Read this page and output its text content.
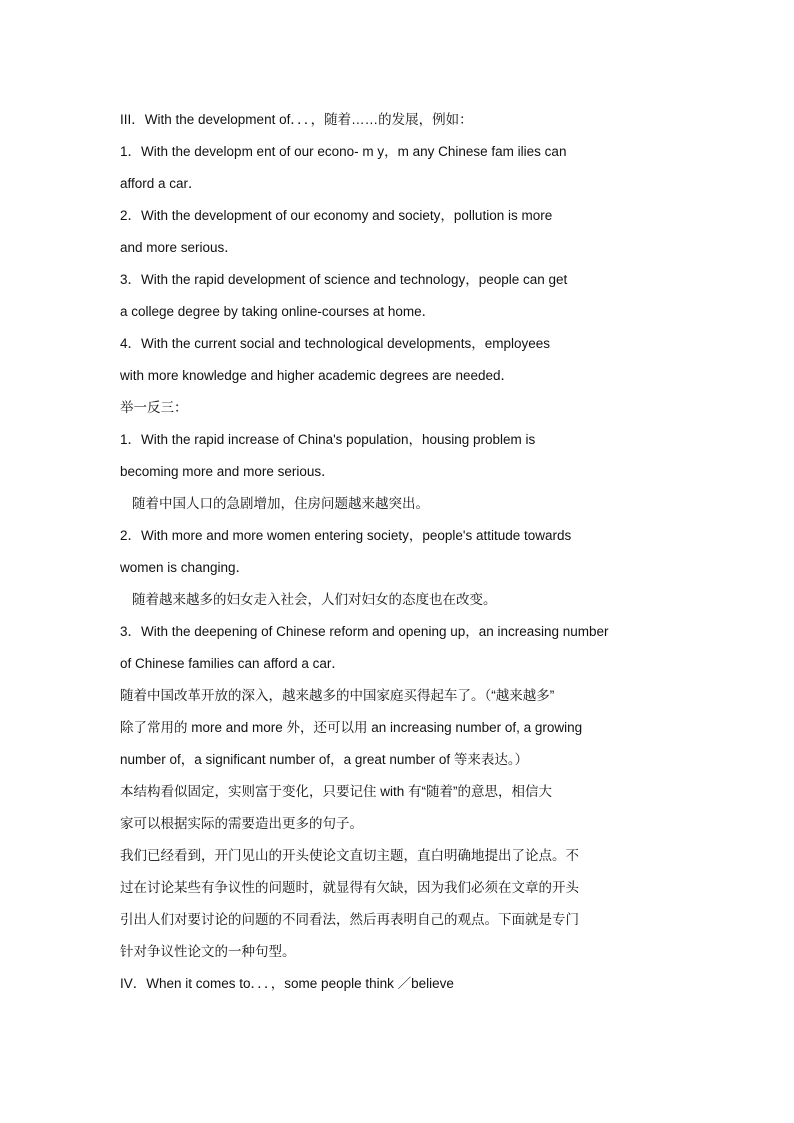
III．With the development of．．．，随着……的发展，例如：
1．With the developm ent of our econo- m y，m any Chinese fam ilies can
afford a car．
2．With the development of our economy and society，pollution is more
and more serious．
3．With the rapid development of science and technology，people can get
a college degree by taking online-courses at home．
4．With the current social and technological developments，employees
with more knowledge and higher academic degrees are needed．
举一反三：
1．With the rapid increase of China's population，housing problem is
becoming more and more serious．
随着中国人口的急剧增加，住房问题越来越突出。
2．With more and more women entering society，people's attitude towards
women is changing．
随着越来越多的妇女走入社会，人们对妇女的态度也在改变。
3．With the deepening of Chinese reform and opening up，an increasing number
of Chinese families can afford a car．
随着中国改革开放的深入，越来越多的中国家庭买得起车了。（“越来越多”
除了常用的 more and more 外，还可以用 an increasing number of, a growing
number of，a significant number of，a great number of 等来表达。）
本结构看似固定，实则富于变化，只要记住 with 有“随着”的意思，相信大
家可以根据实际的需要造出更多的句子。
我们已经看到，开门见山的开头使论文直切主题，直白明确地提出了论点。不
过在讨论某些有争议性的问题时，就显得有欠缺，因为我们必须在文章的开头
引出人们对要讨论的问题的不同看法，然后再表明自己的观点。下面就是专门
针对争议性论文的一种句型。
IV．When it comes to．．．，some people think ／believe
